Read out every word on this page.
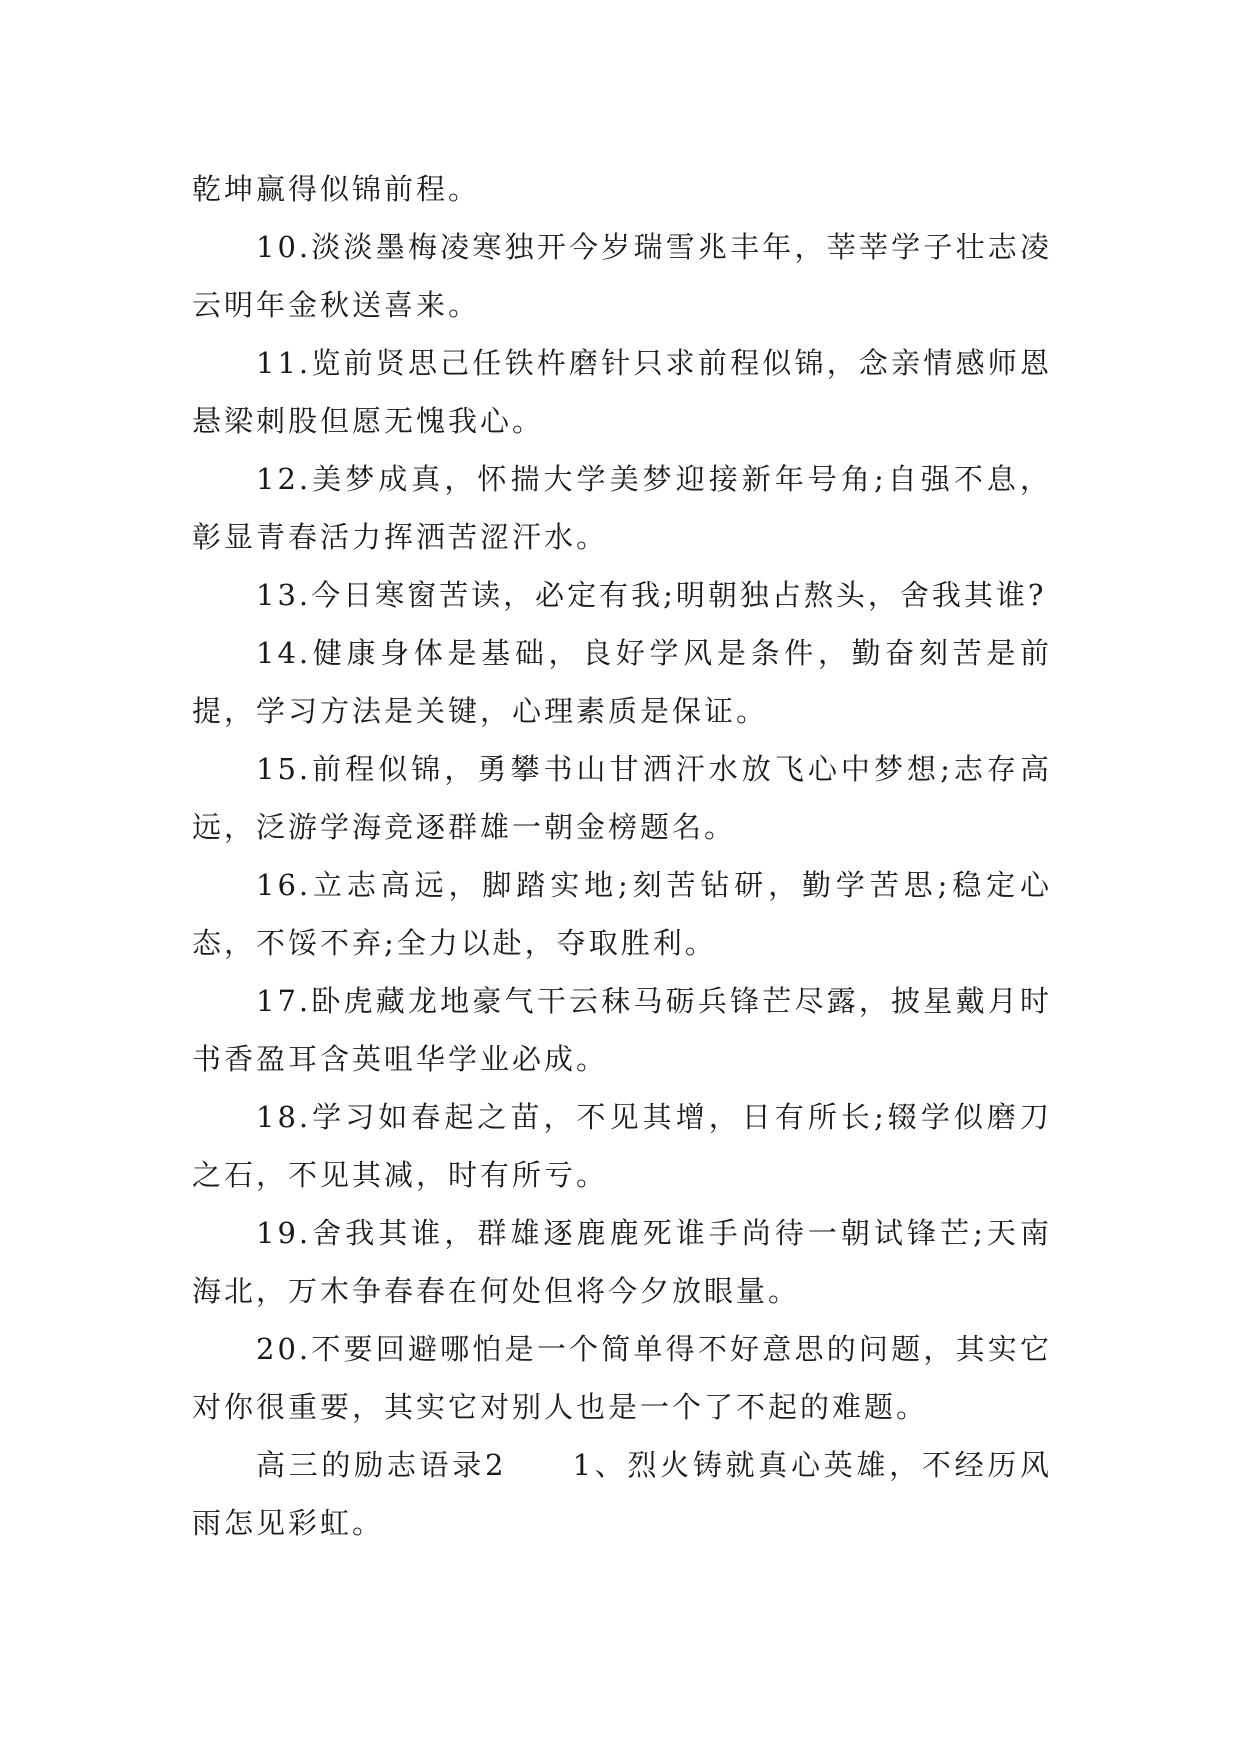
乾坤赢得似锦前程。

10.淡淡墨梅凌寒独开今岁瑞雪兆丰年，莘莘学子壮志凌云明年金秋送喜来。

11.览前贤思己任铁杵磨针只求前程似锦，念亲情感师恩悬梁刺股但愿无愧我心。

12.美梦成真，怀揣大学美梦迎接新年号角;自强不息，彰显青春活力挥洒苦涩汗水。

13.今日寒窗苦读，必定有我;明朝独占熬头，舍我其谁?

14.健康身体是基础，良好学风是条件，勤奋刻苦是前提，学习方法是关键，心理素质是保证。

15.前程似锦，勇攀书山甘洒汗水放飞心中梦想;志存高远，泛游学海竞逐群雄一朝金榜题名。

16.立志高远，脚踏实地;刻苦钻研，勤学苦思;稳定心态，不馁不弃;全力以赴，夺取胜利。

17.卧虎藏龙地豪气干云秣马砺兵锋芒尽露，披星戴月时书香盈耳含英咀华学业必成。

18.学习如春起之苗，不见其增，日有所长;辍学似磨刀之石，不见其减，时有所亏。

19.舍我其谁，群雄逐鹿鹿死谁手尚待一朝试锋芒;天南海北，万木争春春在何处但将今夕放眼量。

20.不要回避哪怕是一个简单得不好意思的问题，其实它对你很重要，其实它对别人也是一个了不起的难题。

高三的励志语录2　　1、烈火铸就真心英雄，不经历风雨怎见彩虹。
